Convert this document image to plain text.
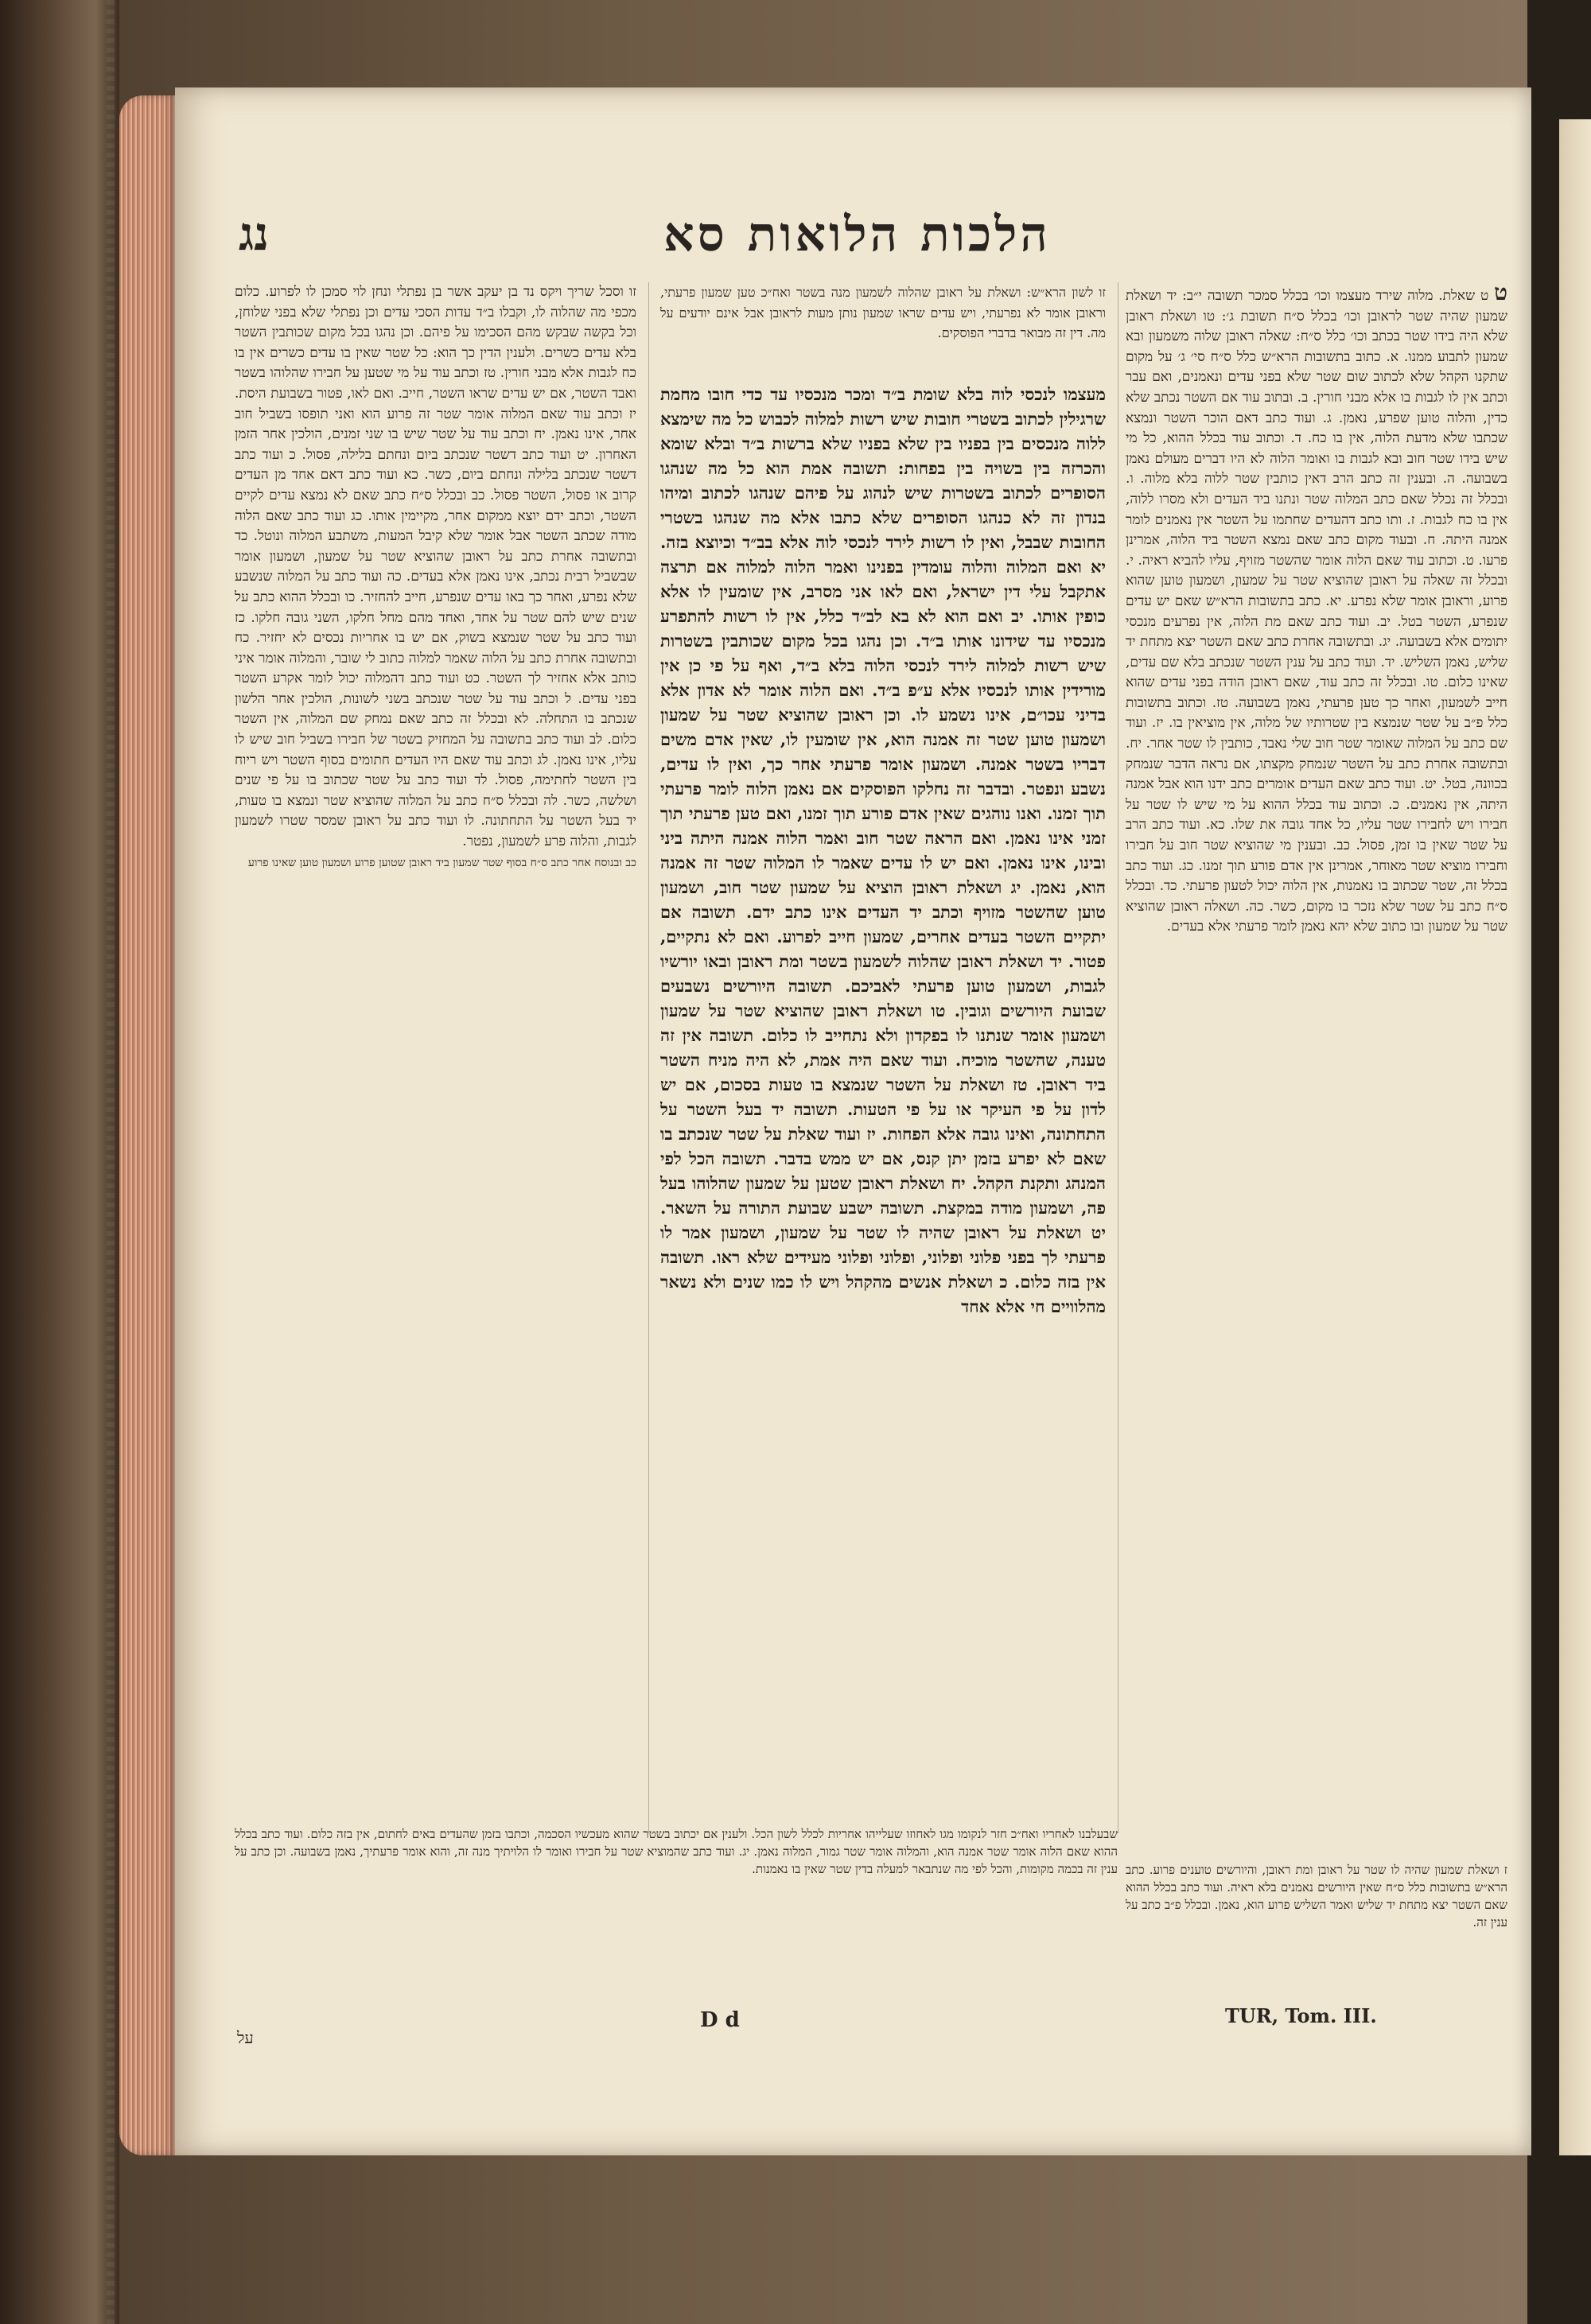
הלכות הלואות סא
נג
ט ט שאלת. מלוה שירד מעצמו וכו׳ בכלל סמכר תשובה י״ב: יד ושאלת שמעון שהיה שטר לראובן וכו׳ בכלל ס״ח תשובת ג׳: טו ושאלת ראובן שלא היה בידו שטר בכתב וכו׳ כלל ס״ח: שאלה ראובן שלוה משמעון ובא שמעון לתבוע ממנו. א. כתוב בתשובות הרא״ש כלל ס״ח סי׳ ג׳ על מקום שתקנו הקהל שלא לכתוב שום שטר שלא בפני עדים ונאמנים, ואם עבר וכתב אין לו לגבות בו אלא מבני חורין. ב. ובתוב עוד אם השטר נכתב שלא כדין, והלוה טוען שפרע, נאמן. ג. ועוד כתב דאם הוכר השטר ונמצא שכתבו שלא מדעת הלוה, אין בו כח. ד. וכתוב עוד בכלל ההוא, כל מי שיש בידו שטר חוב ובא לגבות בו ואומר הלוה לא היו דברים מעולם נאמן בשבועה. ה. ובענין זה כתב הרב דאין כותבין שטר ללוה בלא מלוה. ו. ובכלל זה נכלל שאם כתב המלוה שטר ונתנו ביד העדים ולא מסרו ללוה, אין בו כח לגבות. ז. ותו כתב דהעדים שחתמו על השטר אין נאמנים לומר אמנה היתה. ח. ובעוד מקום כתב שאם נמצא השטר ביד הלוה, אמרינן פרעו. ט. וכתוב עוד שאם הלוה אומר שהשטר מזויף, עליו להביא ראיה. י. ובכלל זה שאלה על ראובן שהוציא שטר על שמעון, ושמעון טוען שהוא פרוע, וראובן אומר שלא נפרע. יא. כתב בתשובות הרא״ש שאם יש עדים שנפרע, השטר בטל. יב. ועוד כתב שאם מת הלוה, אין נפרעים מנכסי יתומים אלא בשבועה. יג. ובתשובה אחרת כתב שאם השטר יצא מתחת יד שליש, נאמן השליש. יד. ועוד כתב על ענין השטר שנכתב בלא שם עדים, שאינו כלום. טו. ובכלל זה כתב עוד, שאם ראובן הודה בפני עדים שהוא חייב לשמעון, ואחר כך טען פרעתי, נאמן בשבועה. טז. וכתוב בתשובות כלל פ״ב על שטר שנמצא בין שטרותיו של מלוה, אין מוציאין בו. יז. ועוד שם כתב על המלוה שאומר שטר חוב שלי נאבד, כותבין לו שטר אחר. יח. ובתשובה אחרת כתב על השטר שנמחק מקצתו, אם נראה הדבר שנמחק בכוונה, בטל. יט. ועוד כתב שאם העדים אומרים כתב ידנו הוא אבל אמנה היתה, אין נאמנים. כ. וכתוב עוד בכלל ההוא על מי שיש לו שטר על חבירו ויש לחבירו שטר עליו, כל אחד גובה את שלו. כא. ועוד כתב הרב על שטר שאין בו זמן, פסול. כב. ובענין מי שהוציא שטר חוב על חבירו וחבירו מוציא שטר מאוחר, אמרינן אין אדם פורע תוך זמנו. כג. ועוד כתב בכלל זה, שטר שכתוב בו נאמנות, אין הלוה יכול לטעון פרעתי. כד. ובכלל ס״ח כתב על שטר שלא נזכר בו מקום, כשר. כה. ושאלה ראובן שהוציא שטר על שמעון ובו כתוב שלא יהא נאמן לומר פרעתי אלא בעדים.
זו לשון הרא״ש: ושאלת על ראובן שהלוה לשמעון מנה בשטר ואח״כ טען שמעון פרעתי, וראובן אומר לא נפרעתי, ויש עדים שראו שמעון נותן מעות לראובן אבל אינם יודעים על מה. דין זה מבואר בדברי הפוסקים.
מעצמו לנכסי לוה בלא שומת ב״ד ומכר מנכסיו עד כדי חובו מחמת שרגילין לכתוב בשטרי חובות שיש רשות למלוה לכבוש כל מה שימצא ללוה מנכסים בין בפניו בין שלא בפניו שלא ברשות ב״ד ובלא שומא והכרזה בין בשויה בין בפחות: תשובה אמת הוא כל מה שנהגו הסופרים לכתוב בשטרות שיש לנהוג על פיהם שנהגו לכתוב ומיהו בנדון זה לא כנהגו הסופרים שלא כתבו אלא מה שנהגו בשטרי החובות שבבל, ואין לו רשות לירד לנכסי לוה אלא בב״ד וכיוצא בזה. יא ואם המלוה והלוה עומדין בפנינו ואמר הלוה למלוה אם תרצה אתקבל עלי דין ישראל, ואם לאו אני מסרב, אין שומעין לו אלא כופין אותו. יב ואם הוא לא בא לב״ד כלל, אין לו רשות להתפרע מנכסיו עד שידונו אותו ב״ד. וכן נהגו בכל מקום שכותבין בשטרות שיש רשות למלוה לירד לנכסי הלוה בלא ב״ד, ואף על פי כן אין מורידין אותו לנכסיו אלא ע״פ ב״ד. ואם הלוה אומר לא אדון אלא בדיני עכו״ם, אינו נשמע לו. וכן ראובן שהוציא שטר על שמעון ושמעון טוען שטר זה אמנה הוא, אין שומעין לו, שאין אדם משים דבריו בשטר אמנה. ושמעון אומר פרעתי אחר כך, ואין לו עדים, נשבע ונפטר. ובדבר זה נחלקו הפוסקים אם נאמן הלוה לומר פרעתי תוך זמנו. ואנו נוהגים שאין אדם פורע תוך זמנו, ואם טען פרעתי תוך זמני אינו נאמן. ואם הראה שטר חוב ואמר הלוה אמנה היתה ביני ובינו, אינו נאמן. ואם יש לו עדים שאמר לו המלוה שטר זה אמנה הוא, נאמן. יג ושאלת ראובן הוציא על שמעון שטר חוב, ושמעון טוען שהשטר מזויף וכתב יד העדים אינו כתב ידם. תשובה אם יתקיים השטר בעדים אחרים, שמעון חייב לפרוע. ואם לא נתקיים, פטור. יד ושאלת ראובן שהלוה לשמעון בשטר ומת ראובן ובאו יורשיו לגבות, ושמעון טוען פרעתי לאביכם. תשובה היורשים נשבעים שבועת היורשים וגובין. טו ושאלת ראובן שהוציא שטר על שמעון ושמעון אומר שנתנו לו בפקדון ולא נתחייב לו כלום. תשובה אין זה טענה, שהשטר מוכיח. ועוד שאם היה אמת, לא היה מניח השטר ביד ראובן. טז ושאלת על השטר שנמצא בו טעות בסכום, אם יש לדון על פי העיקר או על פי הטעות. תשובה יד בעל השטר על התחתונה, ואינו גובה אלא הפחות. יז ועוד שאלת על שטר שנכתב בו שאם לא יפרע בזמן יתן קנס, אם יש ממש בדבר. תשובה הכל לפי המנהג ותקנת הקהל. יח ושאלת ראובן שטען על שמעון שהלוהו בעל פה, ושמעון מודה במקצת. תשובה ישבע שבועת התורה על השאר. יט ושאלת על ראובן שהיה לו שטר על שמעון, ושמעון אמר לו פרעתי לך בפני פלוני ופלוני, ופלוני ופלוני מעידים שלא ראו. תשובה אין בזה כלום. כ ושאלת אנשים מהקהל ויש לו כמו שנים ולא נשאר מהלוויים חי אלא אחד
זו וסכל שריך ויקס נד בן יעקב אשר בן נפתלי ונחן לוי סמכן לו לפרוע. כלום מכפי מה שהלוה לו, וקבלו ב״ד עדות הסכי עדים וכן נפתלי שלא בפני שלוחן, וכל בקשה שבקש מהם הסכימו על פיהם. וכן נהגו בכל מקום שכותבין השטר בלא עדים כשרים. ולענין הדין כך הוא: כל שטר שאין בו עדים כשרים אין בו כח לגבות אלא מבני חורין. טז וכתב עוד על מי שטען על חבירו שהלוהו בשטר ואבד השטר, אם יש עדים שראו השטר, חייב. ואם לאו, פטור בשבועת היסת. יז וכתב עוד שאם המלוה אומר שטר זה פרוע הוא ואני תופסו בשביל חוב אחר, אינו נאמן. יח וכתב עוד על שטר שיש בו שני זמנים, הולכין אחר הזמן האחרון. יט ועוד כתב דשטר שנכתב ביום ונחתם בלילה, פסול. כ ועוד כתב דשטר שנכתב בלילה ונחתם ביום, כשר. כא ועוד כתב דאם אחד מן העדים קרוב או פסול, השטר פסול. כב ובכלל ס״ח כתב שאם לא נמצא עדים לקיים השטר, וכתב ידם יוצא ממקום אחר, מקיימין אותו. כג ועוד כתב שאם הלוה מודה שכתב השטר אבל אומר שלא קיבל המעות, משתבע המלוה ונוטל. כד ובתשובה אחרת כתב על ראובן שהוציא שטר על שמעון, ושמעון אומר שבשביל רבית נכתב, אינו נאמן אלא בעדים. כה ועוד כתב על המלוה שנשבע שלא נפרע, ואחר כך באו עדים שנפרע, חייב להחזיר. כו ובכלל ההוא כתב על שנים שיש להם שטר על אחד, ואחד מהם מחל חלקו, השני גובה חלקו. כז ועוד כתב על שטר שנמצא בשוק, אם יש בו אחריות נכסים לא יחזיר. כח ובתשובה אחרת כתב על הלוה שאמר למלוה כתוב לי שובר, והמלוה אומר איני כותב אלא אחזיר לך השטר. כט ועוד כתב דהמלוה יכול לומר אקרע השטר בפני עדים. ל וכתב עוד על שטר שנכתב בשני לשונות, הולכין אחר הלשון שנכתב בו התחלה. לא ובכלל זה כתב שאם נמחק שם המלוה, אין השטר כלום. לב ועוד כתב בתשובה על המחזיק בשטר של חבירו בשביל חוב שיש לו עליו, אינו נאמן. לג וכתב עוד שאם היו העדים חתומים בסוף השטר ויש ריוח בין השטר לחתימה, פסול. לד ועוד כתב על שטר שכתוב בו על פי שנים ושלשה, כשר. לה ובכלל ס״ח כתב על המלוה שהוציא שטר ונמצא בו טעות, יד בעל השטר על התחתונה. לו ועוד כתב על ראובן שמסר שטרו לשמעון לגבות, והלוה פרע לשמעון, נפטר.
כב ובנוסח אחר כתב ס״ח בסוף שטר שמעון ביד ראובן שטוען פרוע ושמעון טוען שאינו פרוע
ז ושאלת שמעון שהיה לו שטר על ראובן ומת ראובן, והיורשים טוענים פרוע. כתב הרא״ש בתשובות כלל ס״ח שאין היורשים נאמנים בלא ראיה. ועוד כתב בכלל ההוא שאם השטר יצא מתחת יד שליש ואמר השליש פרוע הוא, נאמן. ובכלל פ״ב כתב על ענין זה.
שבעלבנו לאחריו ואח״כ חזר לנקומו מגו לאחוזו שעלייהו אחריות לכלל לשון הכל. ולענין אם יכתוב בשטר שהוא מעכשיו הסכמה, וכתבו בזמן שהעדים באים לחתום, אין בזה כלום. ועוד כתב בכלל ההוא שאם הלוה אומר שטר אמנה הוא, והמלוה אומר שטר גמור, המלוה נאמן. יג. ועוד כתב שהמוציא שטר על חבירו ואומר לו הלויתיך מנה זה, והוא אומר פרעתיך, נאמן בשבועה. וכן כתב על ענין זה בכמה מקומות, והכל לפי מה שנתבאר למעלה בדין שטר שאין בו נאמנות.
D d
על
TUR, Tom. III.
